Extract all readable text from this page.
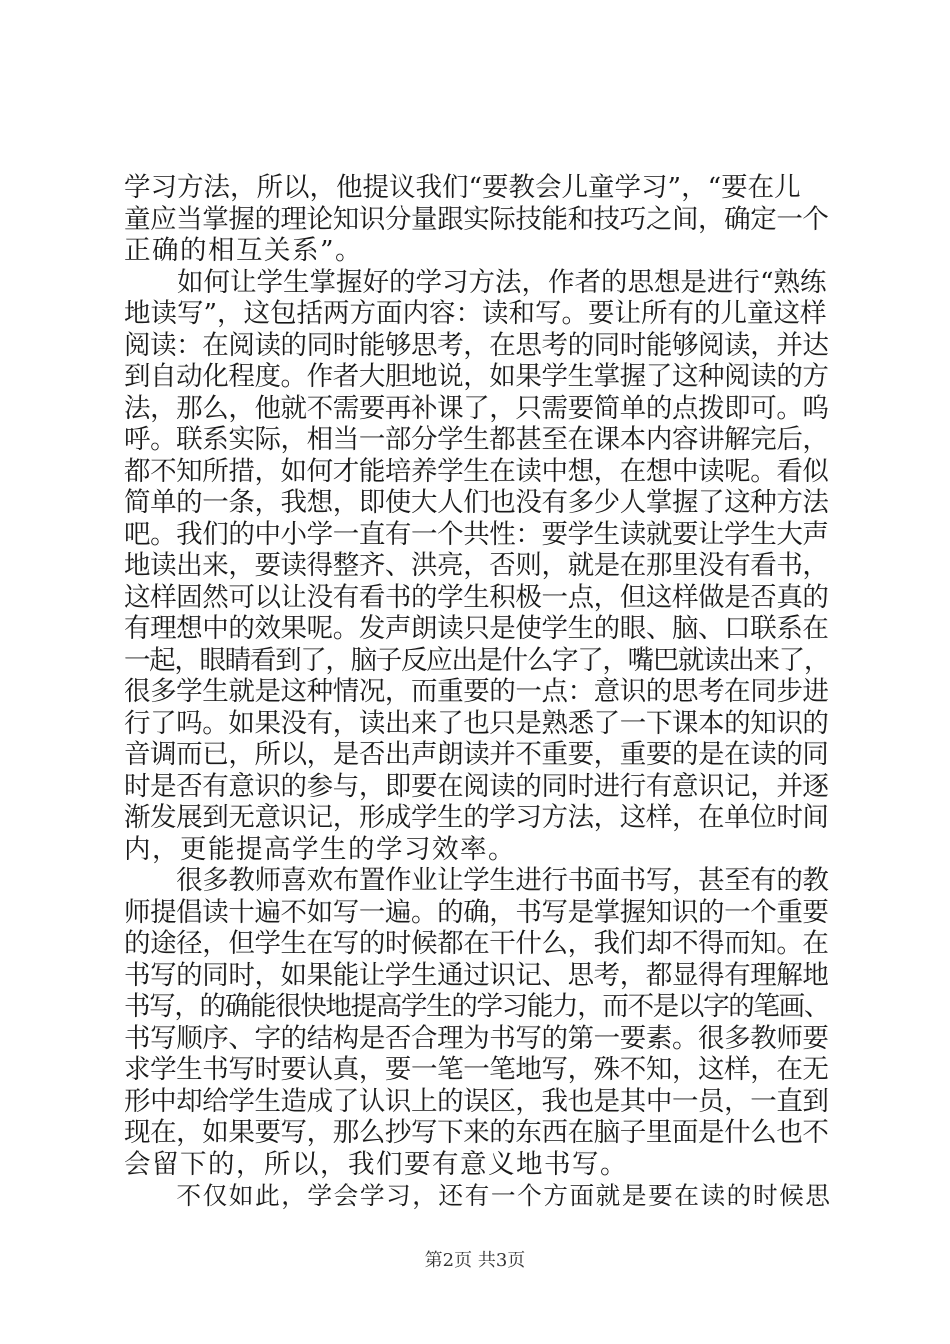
学习方法，所以，他提议我们“要教会儿童学习”，“要在儿
童应当掌握的理论知识分量跟实际技能和技巧之间，确定一个
正确的相互关系”。
　　如何让学生掌握好的学习方法，作者的思想是进行“熟练
地读写”，这包括两方面内容：读和写。要让所有的儿童这样
阅读：在阅读的同时能够思考，在思考的同时能够阅读，并达
到自动化程度。作者大胆地说，如果学生掌握了这种阅读的方
法，那么，他就不需要再补课了，只需要简单的点拨即可。呜
呼。联系实际，相当一部分学生都甚至在课本内容讲解完后，
都不知所措，如何才能培养学生在读中想，在想中读呢。看似
简单的一条，我想，即使大人们也没有多少人掌握了这种方法
吧。我们的中小学一直有一个共性：要学生读就要让学生大声
地读出来，要读得整齐、洪亮，否则，就是在那里没有看书，
这样固然可以让没有看书的学生积极一点，但这样做是否真的
有理想中的效果呢。发声朗读只是使学生的眼、脑、口联系在
一起，眼睛看到了，脑子反应出是什么字了，嘴巴就读出来了，
很多学生就是这种情况，而重要的一点：意识的思考在同步进
行了吗。如果没有，读出来了也只是熟悉了一下课本的知识的
音调而已，所以，是否出声朗读并不重要，重要的是在读的同
时是否有意识的参与，即要在阅读的同时进行有意识记，并逐
渐发展到无意识记，形成学生的学习方法，这样，在单位时间
内，更能提高学生的学习效率。
　　很多教师喜欢布置作业让学生进行书面书写，甚至有的教
师提倡读十遍不如写一遍。的确，书写是掌握知识的一个重要
的途径，但学生在写的时候都在干什么，我们却不得而知。在
书写的同时，如果能让学生通过识记、思考，都显得有理解地
书写，的确能很快地提高学生的学习能力，而不是以字的笔画、
书写顺序、字的结构是否合理为书写的第一要素。很多教师要
求学生书写时要认真，要一笔一笔地写，殊不知，这样，在无
形中却给学生造成了认识上的误区，我也是其中一员，一直到
现在，如果要写，那么抄写下来的东西在脑子里面是什么也不
会留下的，所以，我们要有意义地书写。
　　不仅如此，学会学习，还有一个方面就是要在读的时候思
第2页 共3页
